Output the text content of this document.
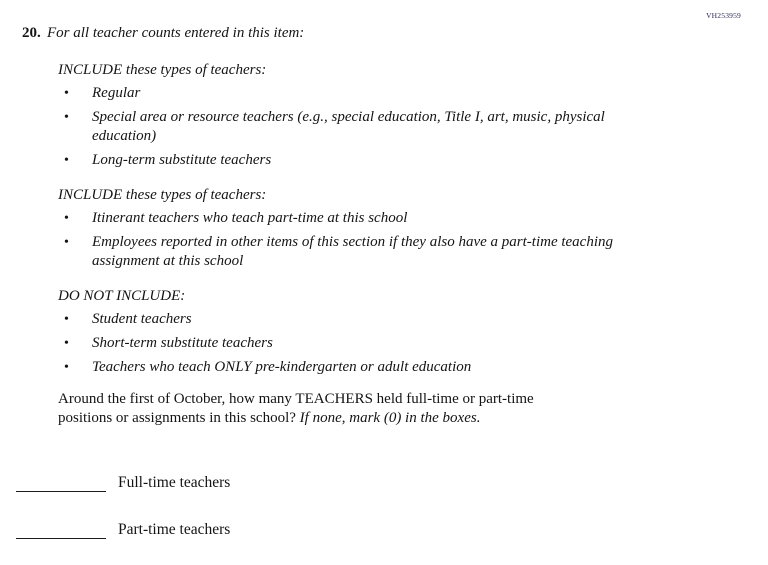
VH253959
20. For all teacher counts entered in this item:
INCLUDE these types of teachers:
•
Regular
•
Special area or resource teachers (e.g., special education, Title I, art, music, physical education)
•
Long-term substitute teachers
INCLUDE these types of teachers:
•
Itinerant teachers who teach part-time at this school
•
Employees reported in other items of this section if they also have a part-time teaching assignment at this school
DO NOT INCLUDE:
•
Student teachers
•
Short-term substitute teachers
•
Teachers who teach ONLY pre-kindergarten or adult education
Around the first of October, how many TEACHERS held full-time or part-time positions or assignments in this school? If none, mark (0) in the boxes.
Full-time teachers
Part-time teachers
